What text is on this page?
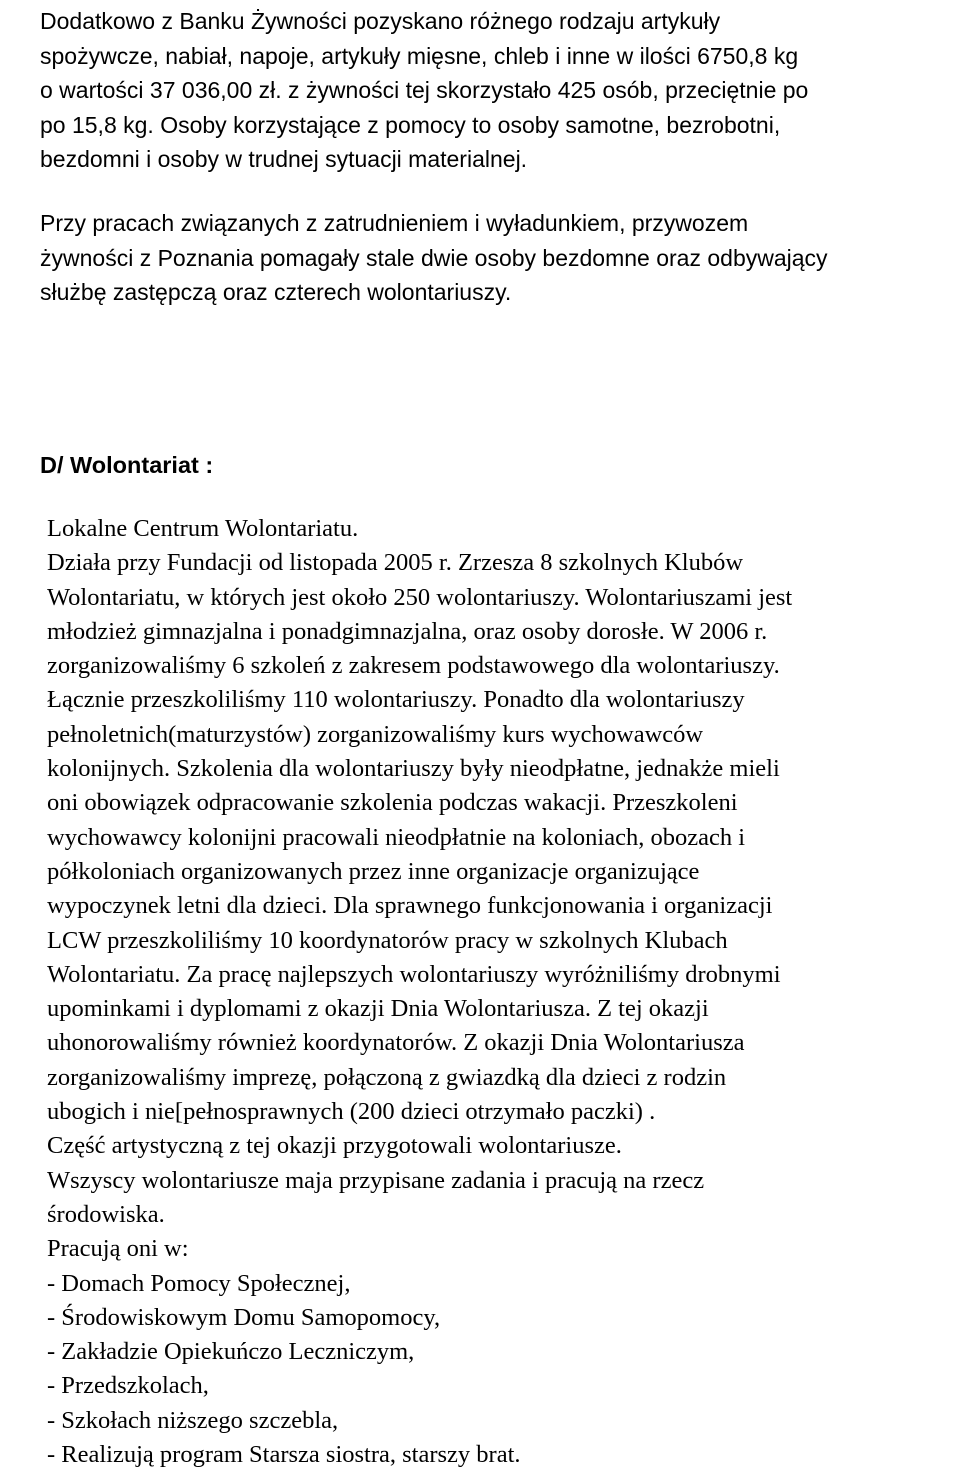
Dodatkowo z Banku Żywności pozyskano różnego rodzaju artykuły
spożywcze, nabiał, napoje, artykuły mięsne, chleb i inne w ilości 6750,8 kg
o wartości 37 036,00 zł. z żywności tej skorzystało 425 osób, przeciętnie po
po 15,8 kg. Osoby korzystające z pomocy to osoby samotne, bezrobotni,
bezdomni i osoby w trudnej sytuacji materialnej.

Przy pracach związanych z zatrudnieniem i wyładunkiem, przywozem
żywności z Poznania pomagały stale dwie osoby bezdomne oraz odbywający
służbę zastępczą oraz czterech wolontariuszy.

D/ Wolontariat :
Lokalne Centrum Wolontariatu.
Działa przy Fundacji od listopada 2005 r. Zrzesza 8 szkolnych Klubów
Wolontariatu, w których jest około 250 wolontariuszy. Wolontariuszami jest
młodzież gimnazjalna i ponadgimnazjalna, oraz osoby dorosłe. W 2006 r.
zorganizowaliśmy 6 szkoleń z zakresem podstawowego dla wolontariuszy.
Łącznie przeszkoliliśmy 110 wolontariuszy. Ponadto dla wolontariuszy
pełnoletnich(maturzystów) zorganizowaliśmy kurs wychowawców
kolonijnych. Szkolenia dla wolontariuszy były nieodpłatne, jednakże mieli
oni obowiązek odpracowanie szkolenia podczas wakacji. Przeszkoleni
wychowawcy kolonijni pracowali nieodpłatnie na koloniach, obozach i
półkoloniach organizowanych przez inne organizacje organizujące
wypoczynek letni dla dzieci. Dla sprawnego funkcjonowania i organizacji
LCW przeszkoliliśmy 10 koordynatorów pracy w szkolnych Klubach
Wolontariatu. Za pracę najlepszych wolontariuszy wyróżniliśmy drobnymi
upominkami i dyplomami z okazji Dnia Wolontariusza. Z tej okazji
uhonorowaliśmy również koordynatorów. Z okazji Dnia Wolontariusza
zorganizowaliśmy imprezę, połączoną z gwiazdką dla dzieci z rodzin
ubogich i nie[pełnosprawnych (200 dzieci otrzymało paczki) .
Część artystyczną z tej okazji przygotowali wolontariusze.
Wszyscy wolontariusze maja przypisane zadania i pracują na rzecz
środowiska.
Pracują oni w:
- Domach Pomocy Społecznej,
- Środowiskowym Domu Samopomocy,
- Zakładzie Opiekuńczo Leczniczym,
- Przedszkolach,
- Szkołach niższego szczebla,
- Realizują program Starsza siostra, starszy brat.
